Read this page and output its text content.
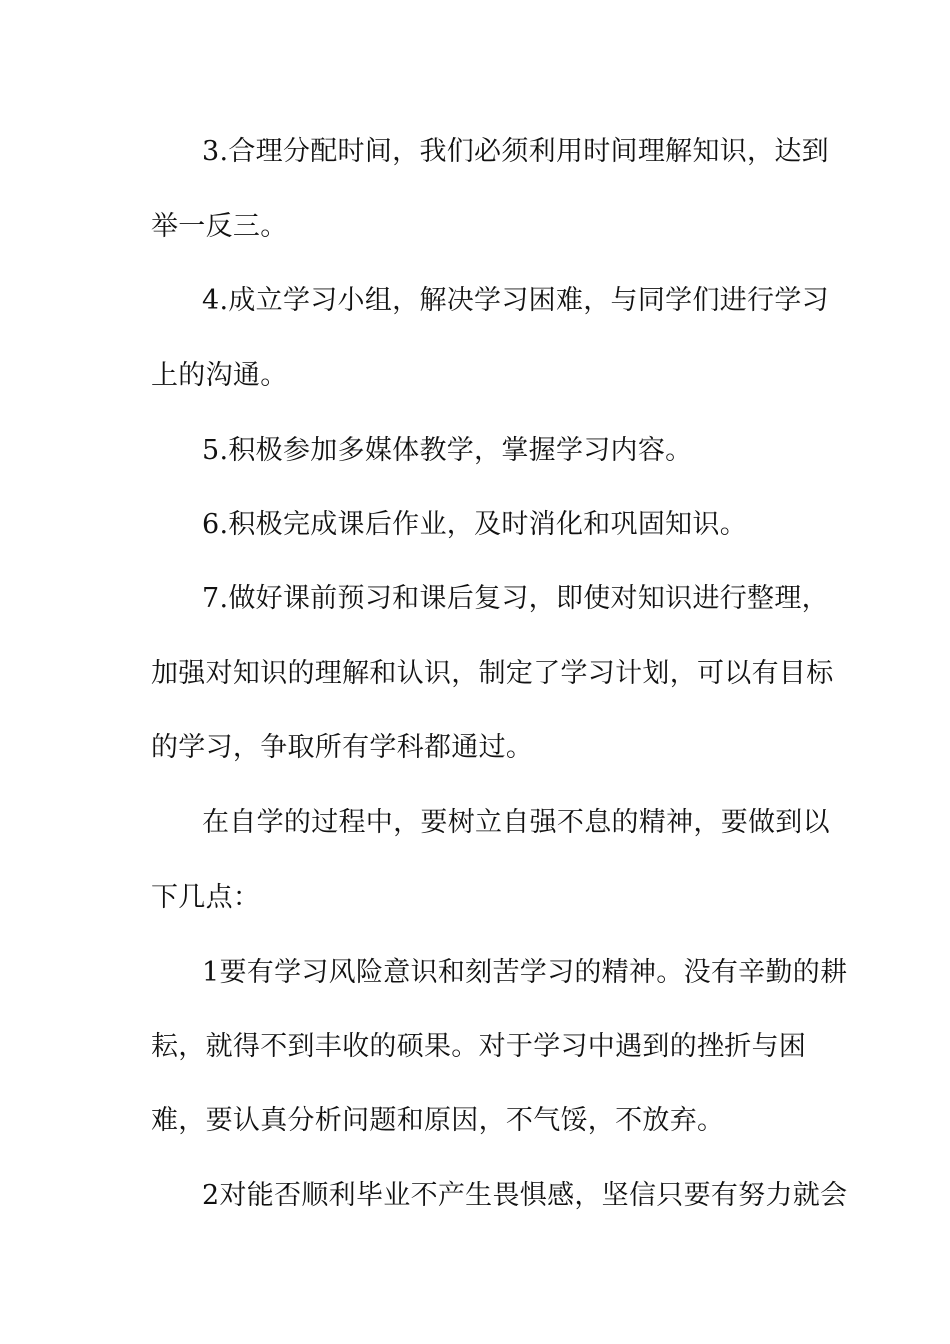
3.合理分配时间，我们必须利用时间理解知识，达到
举一反三。
4.成立学习小组，解决学习困难，与同学们进行学习
上的沟通。
5.积极参加多媒体教学，掌握学习内容。
6.积极完成课后作业，及时消化和巩固知识。
7.做好课前预习和课后复习，即使对知识进行整理，
加强对知识的理解和认识，制定了学习计划，可以有目标
的学习，争取所有学科都通过。
在自学的过程中，要树立自强不息的精神，要做到以
下几点：
1要有学习风险意识和刻苦学习的精神。没有辛勤的耕
耘，就得不到丰收的硕果。对于学习中遇到的挫折与困
难，要认真分析问题和原因，不气馁，不放弃。
2对能否顺利毕业不产生畏惧感，坚信只要有努力就会
